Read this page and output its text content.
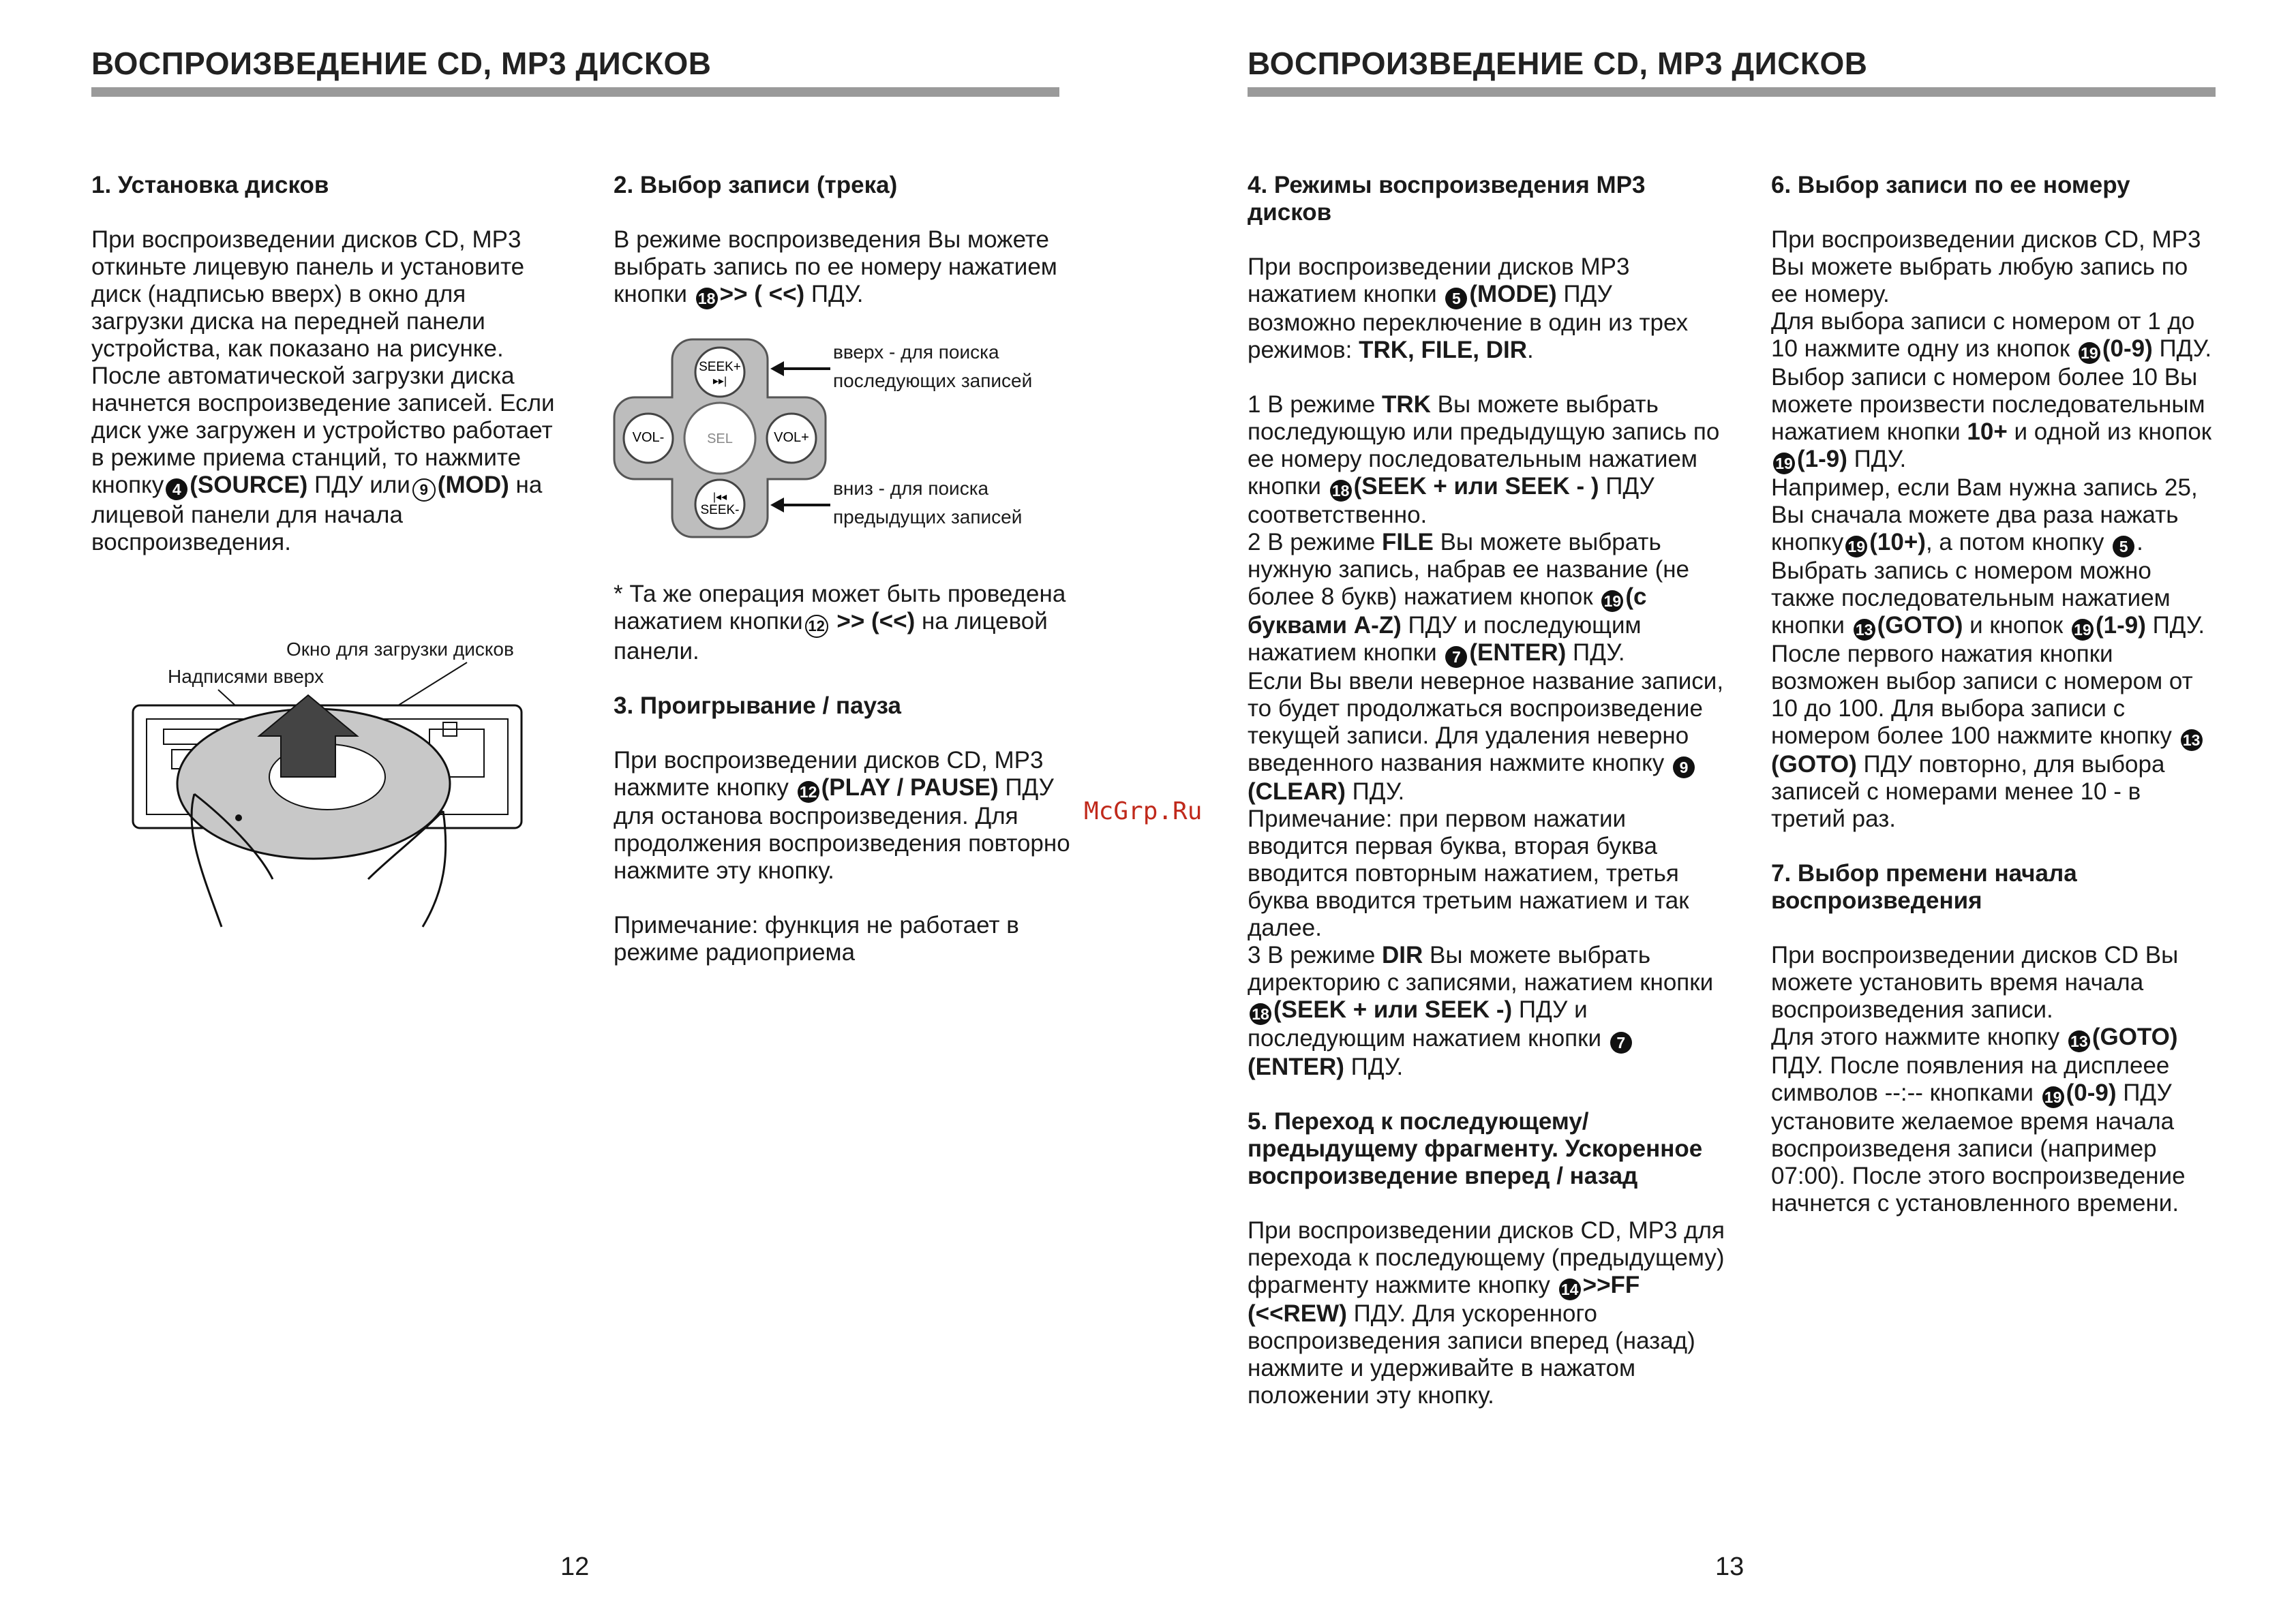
ВОСПРОИЗВЕДЕНИЕ CD, MP3 ДИСКОВ
1. Установка дисков

При воспроизведении дисков CD, MP3 откиньте лицевую панель и установите диск (надписью вверх) в окно для загрузки диска на передней панели устройства, как показано на рисунке. После автоматической загрузки диска начнется воспроизведение записей. Если диск уже загружен и устройство работает в режиме приема станций, то нажмите кнопку 4 (SOURCE) ПДУ или 9 (MOD) на лицевой панели для начала воспроизведения.

Окно для загрузки дисков
Надписями вверх
2. Выбор записи (трека)

В режиме воспроизведения Вы можете выбрать запись по ее номеру нажатием кнопки 18 >> ( <<) ПДУ.

SEEK+
▸▸|
|◂◂
SEEK-
VOL-	VOL+
SEL
вверх - для поиска последующих записей
вниз - для поиска предыдущих записей

* Та же операция может быть проведена нажатием кнопки 12 >> (<<) на лицевой панели.

3. Проигрывание / пауза

При воспроизведении дисков CD, MP3 нажмите кнопку 12 (PLAY / PAUSE) ПДУ для останова воспроизведения. Для продолжения воспроизведения повторно нажмите эту кнопку.

Примечание: функция не работает в режиме радиоприема

12
McGrp.Ru
ВОСПРОИЗВЕДЕНИЕ CD, MP3 ДИСКОВ
4. Режимы воспроизведения MP3 дисков

При воспроизведении дисков MP3 нажатием кнопки 5 (MODE) ПДУ возможно переключение в один из трех режимов: TRK, FILE, DIR.

1 В режиме TRK Вы можете выбрать последующую или предыдущую запись по ее номеру последовательным нажатием кнопки 18 (SEEK + или SEEK - ) ПДУ соответственно.
2 В режиме FILE Вы можете выбрать нужную запись, набрав ее название (не более 8 букв) нажатием кнопок 19 (с буквами A-Z) ПДУ и последующим нажатием кнопки 7 (ENTER) ПДУ.
Если Вы ввели неверное название записи, то будет продолжаться воспроизведение текущей записи. Для удаления неверно введенного названия нажмите кнопку 9(CLEAR) ПДУ.
Примечание: при первом нажатии вводится первая буква, вторая буква вводится повторным нажатием, третья буква вводится третьим нажатием и так далее.
3 В режиме DIR Вы можете выбрать директорию с записями, нажатием кнопки 18 (SEEK + или SEEK -) ПДУ и последующим нажатием кнопки 7(ENTER) ПДУ.
5. Переход к последующему/ предыдущему фрагменту. Ускоренное воспроизведение вперед / назад

При воспроизведении дисков CD, MP3 для перехода к последующему (предыдущему) фрагменту нажмите кнопку 14 >>FF (<<REW) ПДУ. Для ускоренного воспроизведения записи вперед (назад) нажмите и удерживайте в нажатом положении эту кнопку.

6. Выбор записи по ее номеру
При воспроизведении дисков CD, MP3 Вы можете выбрать любую запись по ее номеру.
Для выбора записи с номером от 1 до 10 нажмите одну из кнопок 19 (0-9) ПДУ.
Выбор записи с номером более 10 Вы можете произвести последовательным нажатием кнопки 10+ и одной из кнопок 19 (1-9) ПДУ.
Например, если Вам нужна запись 25, Вы сначала можете два раза нажать кнопку 19 (10+), а потом кнопку 5 .
Выбрать запись с номером можно также последовательным нажатием кнопки 13 (GOTO) и кнопок 19 (1-9) ПДУ.
После первого нажатия кнопки возможен выбор записи с номером от 10 до 100. Для выбора записи с номером более 100 нажмите кнопку 13(GOTO) ПДУ повторно, для выбора записей с номерами менее 10 - в третий раз.
7. Выбор премени начала воспроизведения
При воспроизведении дисков CD Вы можете установить время начала воспроизведения записи.
Для этого нажмите кнопку 13 (GOTO) ПДУ. После появления на дисплеее символов --:-- кнопками 19 (0-9) ПДУ установите желаемое время начала воспроизведеня записи (например 07:00). После этого воспроизведение начнется с установленного времени.
13
